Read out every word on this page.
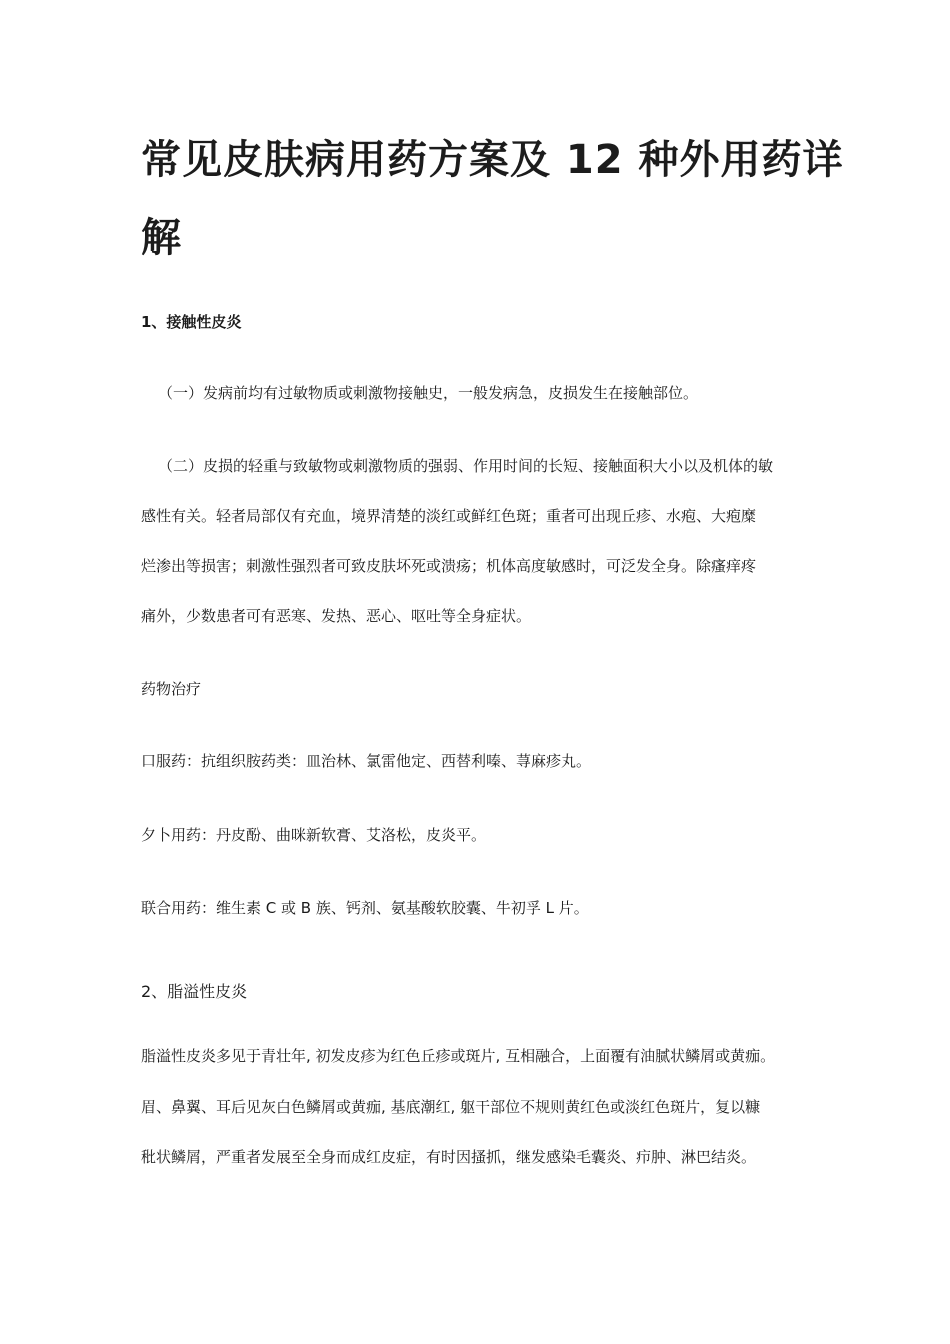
常见皮肤病用药方案及 12 种外用药详
解
1、接触性皮炎
（一）发病前均有过敏物质或刺激物接触史，一般发病急，皮损发生在接触部位。
（二）皮损的轻重与致敏物或刺激物质的强弱、作用时间的长短、接触面积大小以及机体的敏
感性有关。轻者局部仅有充血，境界清楚的淡红或鲜红色斑；重者可出现丘疹、水疱、大疱糜
烂渗出等损害；刺激性强烈者可致皮肤坏死或溃疡；机体高度敏感时，可泛发全身。除瘙痒疼
痛外，少数患者可有恶寒、发热、恶心、呕吐等全身症状。
药物治疗
口服药：抗组织胺药类：皿治林、氯雷他定、西替利嗪、荨麻疹丸。
夕卜用药：丹皮酚、曲咪新软膏、艾洛松，皮炎平。
联合用药：维生素 C 或 B 族、钙剂、氨基酸软胶囊、牛初孚 L 片。
2、脂溢性皮炎
脂溢性皮炎多见于青壮年, 初发皮疹为红色丘疹或斑片, 互相融合，上面覆有油腻状鳞屑或黄痂。
眉、鼻翼、耳后见灰白色鳞屑或黄痂, 基底潮红, 躯干部位不规则黄红色或淡红色斑片，复以糠
秕状鳞屑，严重者发展至全身而成红皮症，有时因搔抓，继发感染毛囊炎、疖肿、淋巴结炎。
